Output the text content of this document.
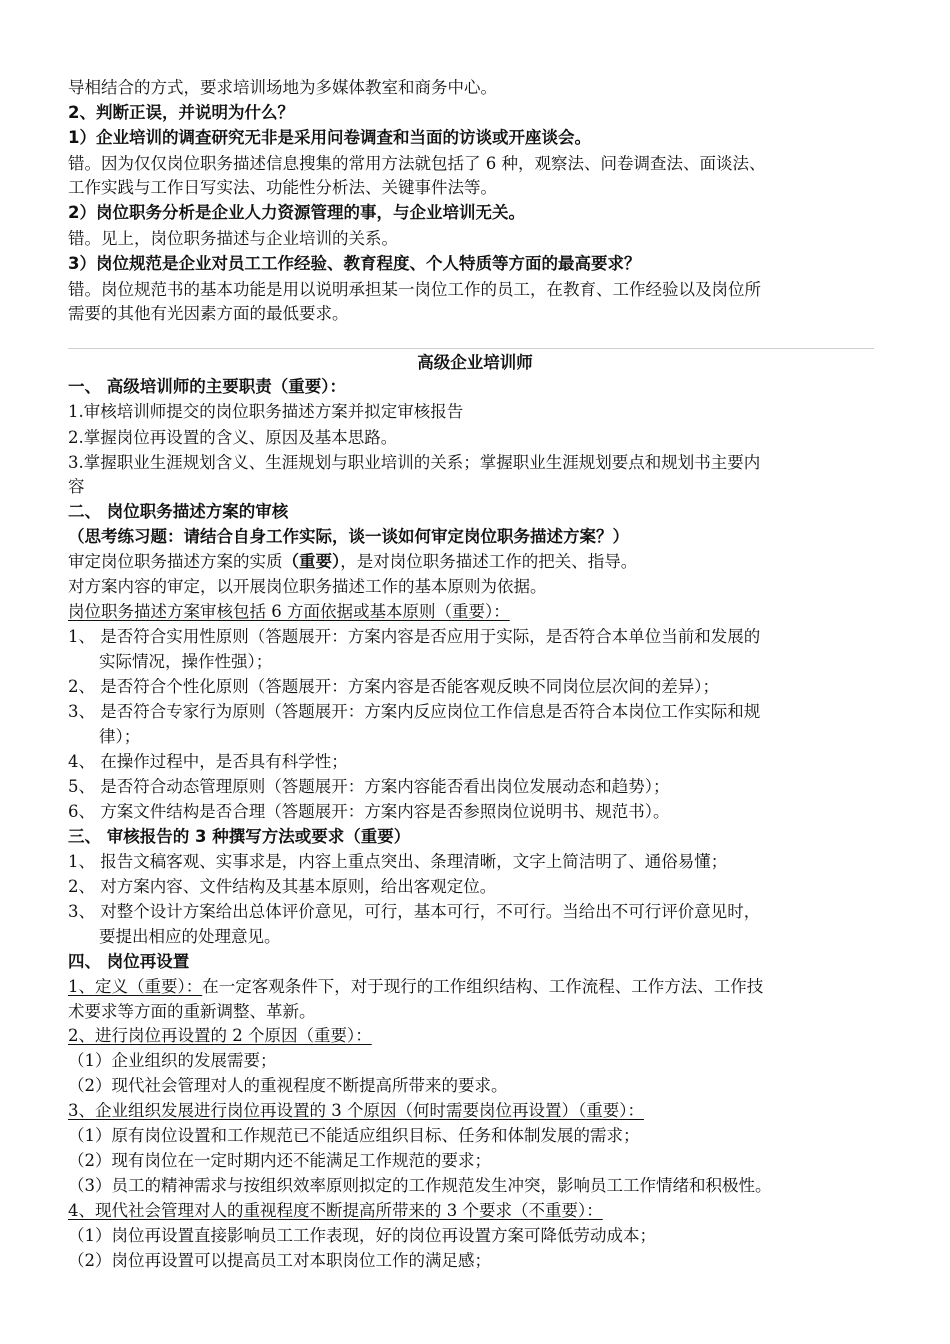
导相结合的方式，要求培训场地为多媒体教室和商务中心。
2、判断正误，并说明为什么？
1）企业培训的调查研究无非是采用问卷调查和当面的访谈或开座谈会。
错。因为仅仅岗位职务描述信息搜集的常用方法就包括了 6 种，观察法、问卷调查法、面谈法、
工作实践与工作日写实法、功能性分析法、关键事件法等。
2）岗位职务分析是企业人力资源管理的事，与企业培训无关。
错。见上，岗位职务描述与企业培训的关系。
3）岗位规范是企业对员工工作经验、教育程度、个人特质等方面的最高要求？
错。岗位规范书的基本功能是用以说明承担某一岗位工作的员工，在教育、工作经验以及岗位所
需要的其他有光因素方面的最低要求。
高级企业培训师
一、 高级培训师的主要职责（重要）：
1.审核培训师提交的岗位职务描述方案并拟定审核报告
2.掌握岗位再设置的含义、原因及基本思路。
3.掌握职业生涯规划含义、生涯规划与职业培训的关系；掌握职业生涯规划要点和规划书主要内
容
二、 岗位职务描述方案的审核
（思考练习题：请结合自身工作实际，谈一谈如何审定岗位职务描述方案？）
审定岗位职务描述方案的实质（重要），是对岗位职务描述工作的把关、指导。
对方案内容的审定，以开展岗位职务描述工作的基本原则为依据。
岗位职务描述方案审核包括 6 方面依据或基本原则（重要）：
1、 是否符合实用性原则（答题展开：方案内容是否应用于实际，是否符合本单位当前和发展的
实际情况，操作性强）；
2、 是否符合个性化原则（答题展开：方案内容是否能客观反映不同岗位层次间的差异）；
3、 是否符合专家行为原则（答题展开：方案内反应岗位工作信息是否符合本岗位工作实际和规
律）；
4、 在操作过程中，是否具有科学性；
5、 是否符合动态管理原则（答题展开：方案内容能否看出岗位发展动态和趋势）；
6、 方案文件结构是否合理（答题展开：方案内容是否参照岗位说明书、规范书）。
三、 审核报告的 3 种撰写方法或要求（重要）
1、 报告文稿客观、实事求是，内容上重点突出、条理清晰，文字上简洁明了、通俗易懂；
2、 对方案内容、文件结构及其基本原则，给出客观定位。
3、 对整个设计方案给出总体评价意见，可行，基本可行，不可行。当给出不可行评价意见时，
要提出相应的处理意见。
四、 岗位再设置
1、定义（重要）：在一定客观条件下，对于现行的工作组织结构、工作流程、工作方法、工作技
术要求等方面的重新调整、革新。
2、进行岗位再设置的 2 个原因（重要）：
（1）企业组织的发展需要；
（2）现代社会管理对人的重视程度不断提高所带来的要求。
3、企业组织发展进行岗位再设置的 3 个原因（何时需要岗位再设置）（重要）：
（1）原有岗位设置和工作规范已不能适应组织目标、任务和体制发展的需求；
（2）现有岗位在一定时期内还不能满足工作规范的要求；
（3）员工的精神需求与按组织效率原则拟定的工作规范发生冲突，影响员工工作情绪和积极性。
4、现代社会管理对人的重视程度不断提高所带来的 3 个要求（不重要）：
（1）岗位再设置直接影响员工工作表现，好的岗位再设置方案可降低劳动成本；
（2）岗位再设置可以提高员工对本职岗位工作的满足感；
